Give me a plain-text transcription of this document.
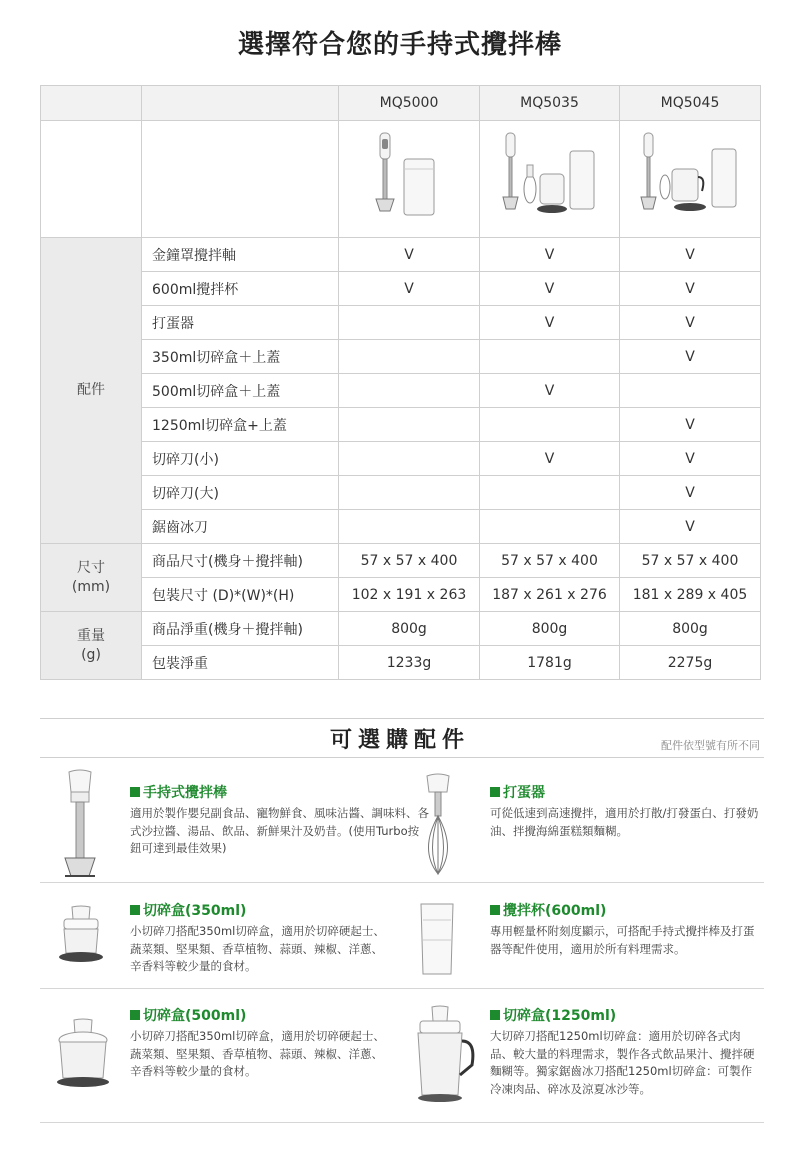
選擇符合您的手持式攪拌棒
		MQ5000	MQ5035	MQ5045

配件	金鐘罩攪拌軸	V	V	V
	600ml攪拌杯	V	V	V
	打蛋器		V	V
	350ml切碎盒＋上蓋			V
	500ml切碎盒＋上蓋		V	
	1250ml切碎盒+上蓋			V
	切碎刀(小)		V	V
	切碎刀(大)			V
	鋸齒冰刀			V
尺寸
(mm)	商品尺寸(機身＋攪拌軸)	57 x 57 x 400	57 x 57 x 400	57 x 57 x 400
	包裝尺寸 (D)*(W)*(H)	102 x 191 x 263	187 x 261 x 276	181 x 289 x 405
重量
(g)	商品淨重(機身＋攪拌軸)	800g	800g	800g
	包裝淨重	1233g	1781g	2275g
可選購配件	配件依型號有所不同
手持式攪拌棒
適用於製作嬰兒副食品、寵物鮮食、風味沾醬、調味料、各式沙拉醬、湯品、飲品、新鮮果汁及奶昔。(使用Turbo按鈕可達到最佳效果)
打蛋器
可從低速到高速攪拌，適用於打散/打發蛋白、打發奶油、拌攪海綿蛋糕類麵糊。
切碎盒(350ml)
小切碎刀搭配350ml切碎盒，適用於切碎硬起士、蔬菜類、堅果類、香草植物、蒜頭、辣椒、洋蔥、辛香料等較少量的食材。
攪拌杯(600ml)
專用輕量杯附刻度顯示，可搭配手持式攪拌棒及打蛋器等配件使用，適用於所有料理需求。
切碎盒(500ml)
小切碎刀搭配350ml切碎盒，適用於切碎硬起士、蔬菜類、堅果類、香草植物、蒜頭、辣椒、洋蔥、辛香料等較少量的食材。
切碎盒(1250ml)
大切碎刀搭配1250ml切碎盒：適用於切碎各式肉品、較大量的料理需求，製作各式飲品果汁、攪拌硬麵糊等。獨家鋸齒冰刀搭配1250ml切碎盒：可製作冷凍肉品、碎冰及涼夏冰沙等。
